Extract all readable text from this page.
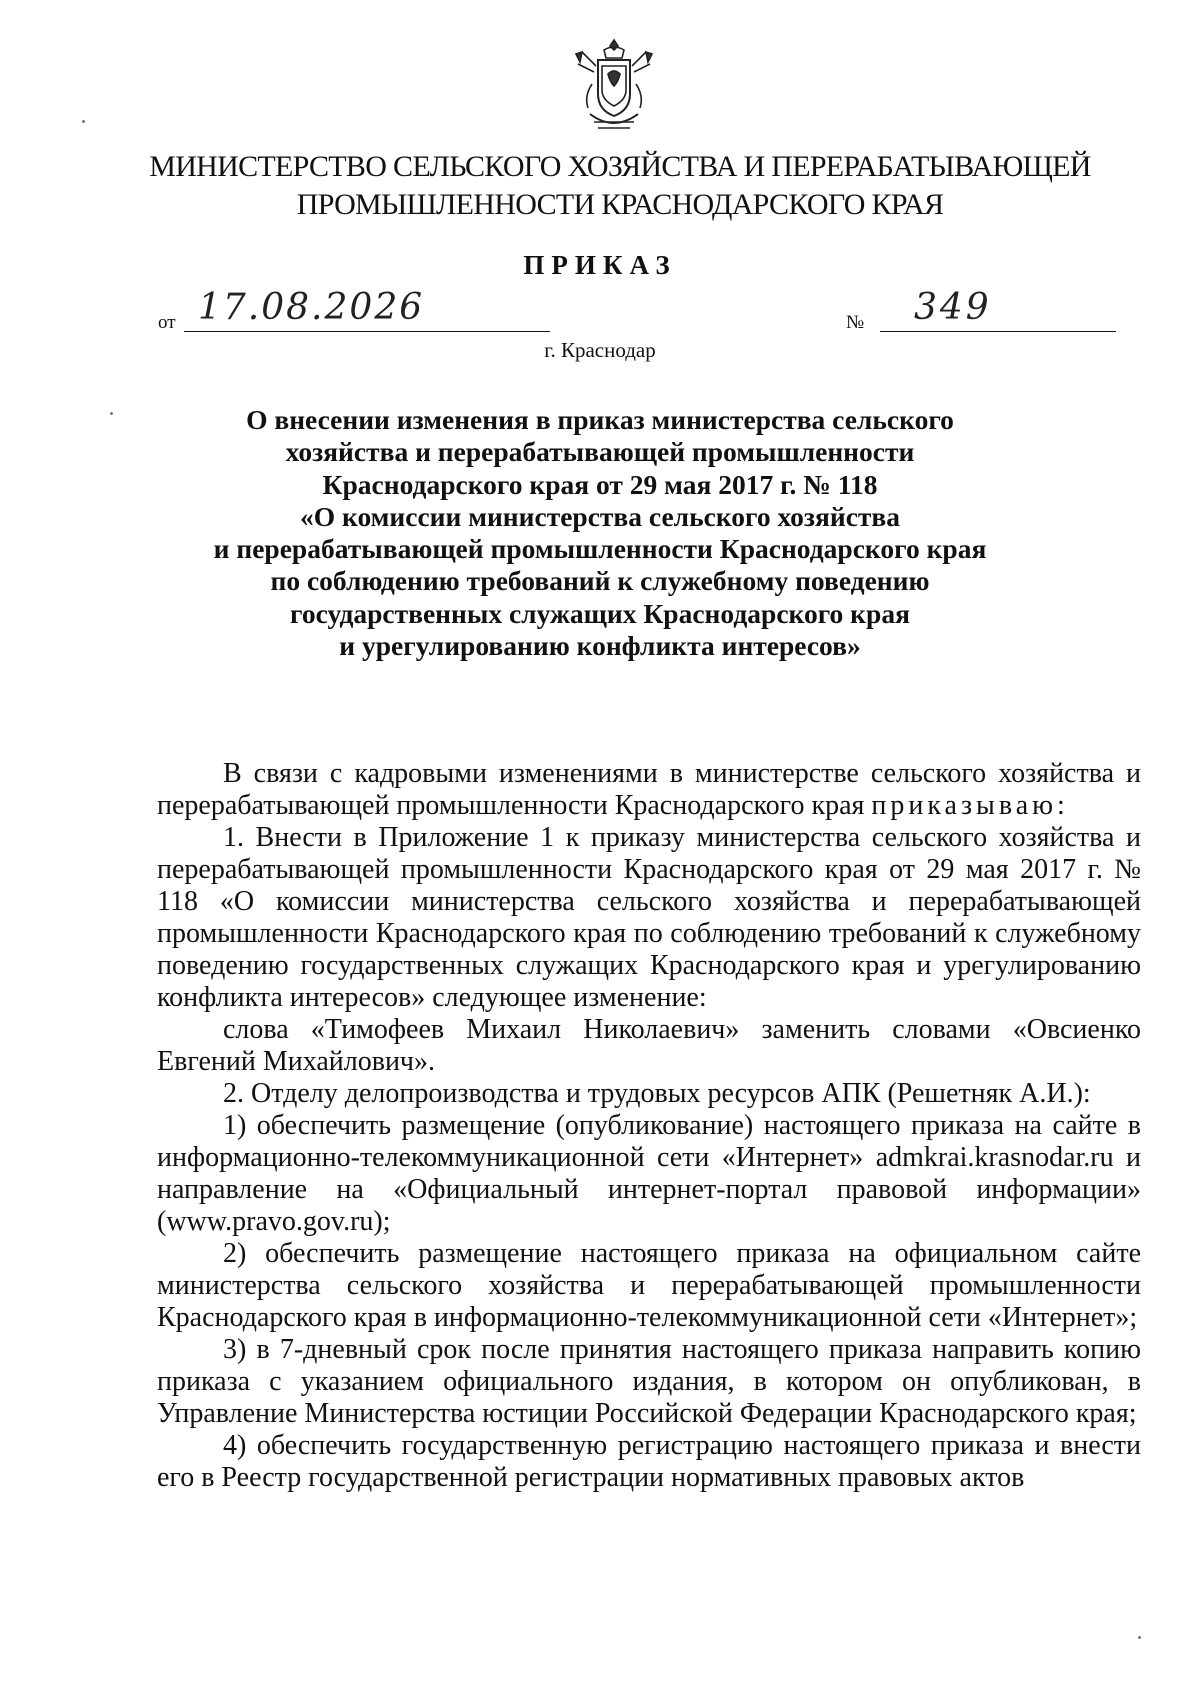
МИНИСТЕРСТВО СЕЛЬСКОГО ХОЗЯЙСТВА И ПЕРЕРАБАТЫВАЮЩЕЙ
ПРОМЫШЛЕННОСТИ КРАСНОДАРСКОГО КРАЯ
ПРИКАЗ
от 17.08.2026	№	349
г. Краснодар
О внесении изменения в приказ министерства сельского
хозяйства и перерабатывающей промышленности
Краснодарского края от 29 мая 2017 г. № 118
«О комиссии министерства сельского хозяйства
и перерабатывающей промышленности Краснодарского края
по соблюдению требований к служебному поведению
государственных служащих Краснодарского края
и урегулированию конфликта интересов»

В связи с кадровыми изменениями в министерстве сельского хозяйства и перерабатывающей промышленности Краснодарского края приказываю:

1. Внести в Приложение 1 к приказу министерства сельского хозяйства и перерабатывающей промышленности Краснодарского края от 29 мая 2017 г. № 118 «О комиссии министерства сельского хозяйства и перерабатывающей промышленности Краснодарского края по соблюдению требований к служебному поведению государственных служащих Краснодарского края и урегулированию конфликта интересов» следующее изменение:

слова «Тимофеев Михаил Николаевич» заменить словами «Овсиенко Евгений Михайлович».

2. Отделу делопроизводства и трудовых ресурсов АПК (Решетняк А.И.):

1) обеспечить размещение (опубликование) настоящего приказа на сайте в информационно-телекоммуникационной сети «Интернет» admkrai.krasnodar.ru и направление на «Официальный интернет-портал правовой информации» (www.pravo.gov.ru);

2) обеспечить размещение настоящего приказа на официальном сайте министерства сельского хозяйства и перерабатывающей промышленности Краснодарского края в информационно-телекоммуникационной сети «Интернет»;

3) в 7-дневный срок после принятия настоящего приказа направить копию приказа с указанием официального издания, в котором он опубликован, в Управление Министерства юстиции Российской Федерации Краснодарского края;

4) обеспечить государственную регистрацию настоящего приказа и внести его в Реестр государственной регистрации нормативных правовых актов
